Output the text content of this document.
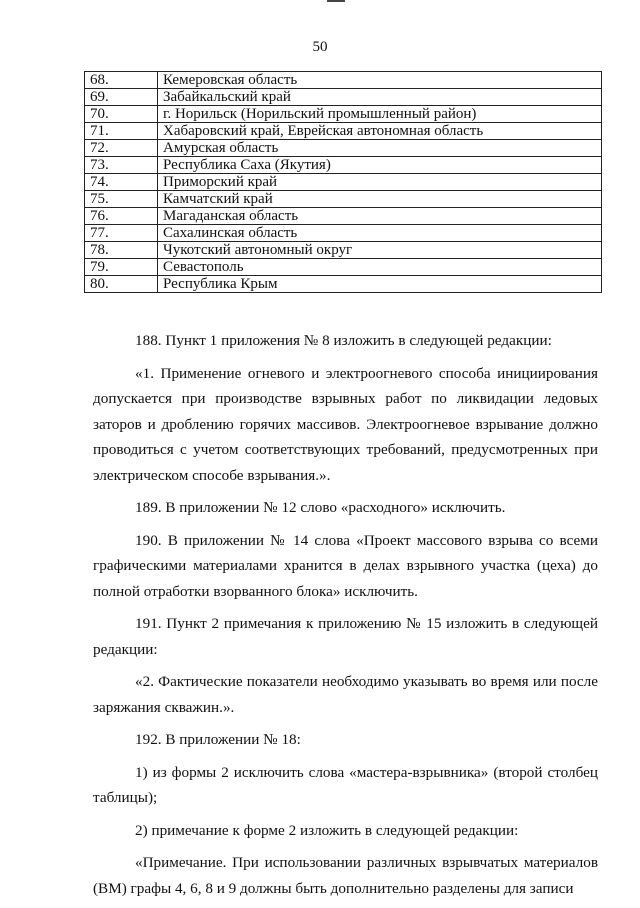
50
68.	Кемеровская область
69.	Забайкальский край
70.	г. Норильск (Норильский промышленный район)
71.	Хабаровский край, Еврейская автономная область
72.	Амурская область
73.	Республика Саха (Якутия)
74.	Приморский край
75.	Камчатский край
76.	Магаданская область
77.	Сахалинская область
78.	Чукотский автономный округ
79.	Севастополь
80.	Республика Крым

188. Пункт 1 приложения № 8 изложить в следующей редакции:

«1. Применение огневого и электроогневого способа инициирования допускается при производстве взрывных работ по ликвидации ледовых заторов и дроблению горячих массивов. Электроогневое взрывание должно проводиться с учетом соответствующих требований, предусмотренных при электрическом способе взрывания.».

189. В приложении № 12 слово «расходного» исключить.

190. В приложении № 14 слова «Проект массового взрыва со всеми графическими материалами хранится в делах взрывного участка (цеха) до полной отработки взорванного блока» исключить.

191. Пункт 2 примечания к приложению № 15 изложить в следующей редакции:

«2. Фактические показатели необходимо указывать во время или после заряжания скважин.».

192. В приложении № 18:

1) из формы 2 исключить слова «мастера-взрывника» (второй столбец таблицы);

2) примечание к форме 2 изложить в следующей редакции:

«Примечание. При использовании различных взрывчатых материалов (ВМ) графы 4, 6, 8 и 9 должны быть дополнительно разделены для записи
